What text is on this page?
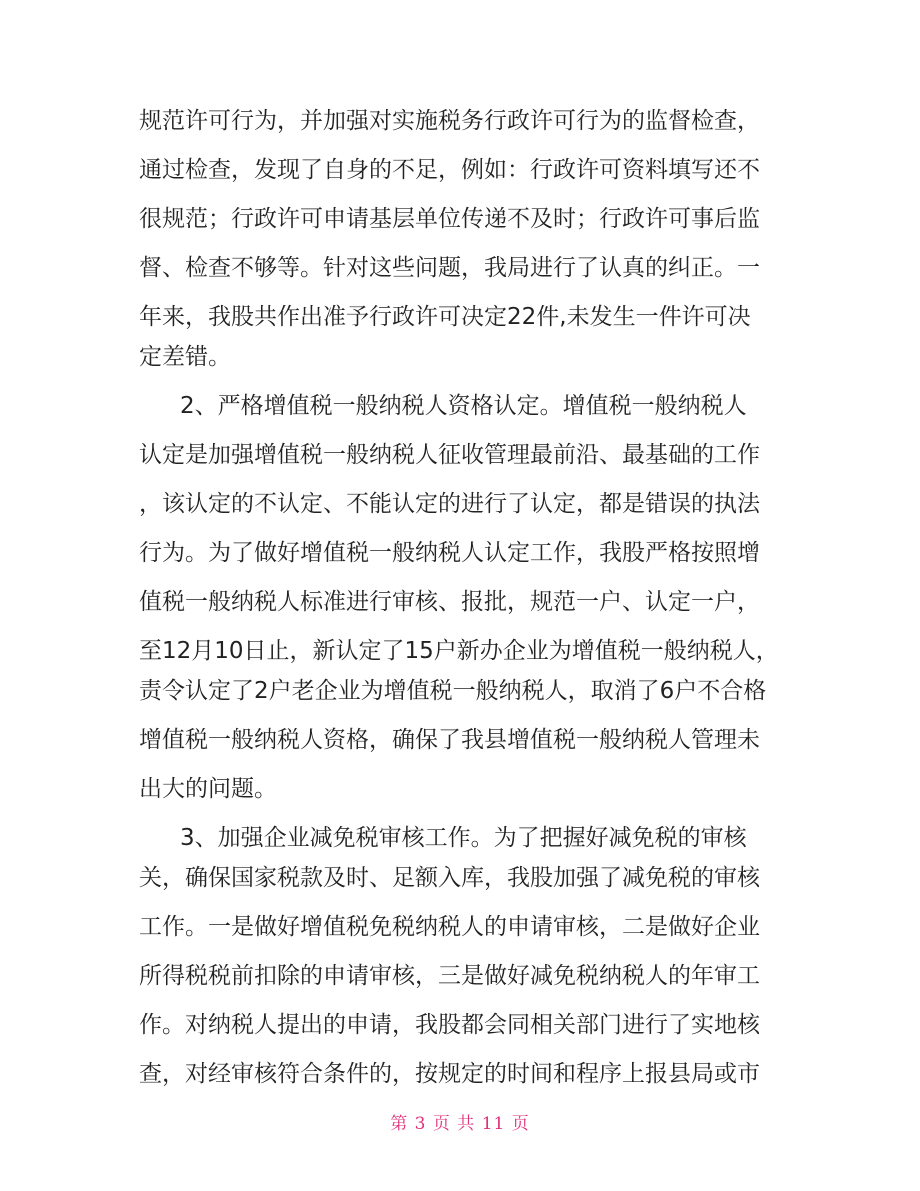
规范许可行为，并加强对实施税务行政许可行为的监督检查，
通过检查，发现了自身的不足，例如：行政许可资料填写还不
很规范；行政许可申请基层单位传递不及时；行政许可事后监
督、检查不够等。针对这些问题，我局进行了认真的纠正。一
年来，我股共作出准予行政许可决定22件,未发生一件许可决
定差错。
2、严格增值税一般纳税人资格认定。增值税一般纳税人
认定是加强增值税一般纳税人征收管理最前沿、最基础的工作
，该认定的不认定、不能认定的进行了认定，都是错误的执法
行为。为了做好增值税一般纳税人认定工作，我股严格按照增
值税一般纳税人标准进行审核、报批，规范一户、认定一户，
至12月10日止，新认定了15户新办企业为增值税一般纳税人，
责令认定了2户老企业为增值税一般纳税人，取消了6户不合格
增值税一般纳税人资格，确保了我县增值税一般纳税人管理未
出大的问题。
3、加强企业减免税审核工作。为了把握好减免税的审核
关，确保国家税款及时、足额入库，我股加强了减免税的审核
工作。一是做好增值税免税纳税人的申请审核，二是做好企业
所得税税前扣除的申请审核，三是做好减免税纳税人的年审工
作。对纳税人提出的申请，我股都会同相关部门进行了实地核
查，对经审核符合条件的，按规定的时间和程序上报县局或市
第 3 页 共 11 页
